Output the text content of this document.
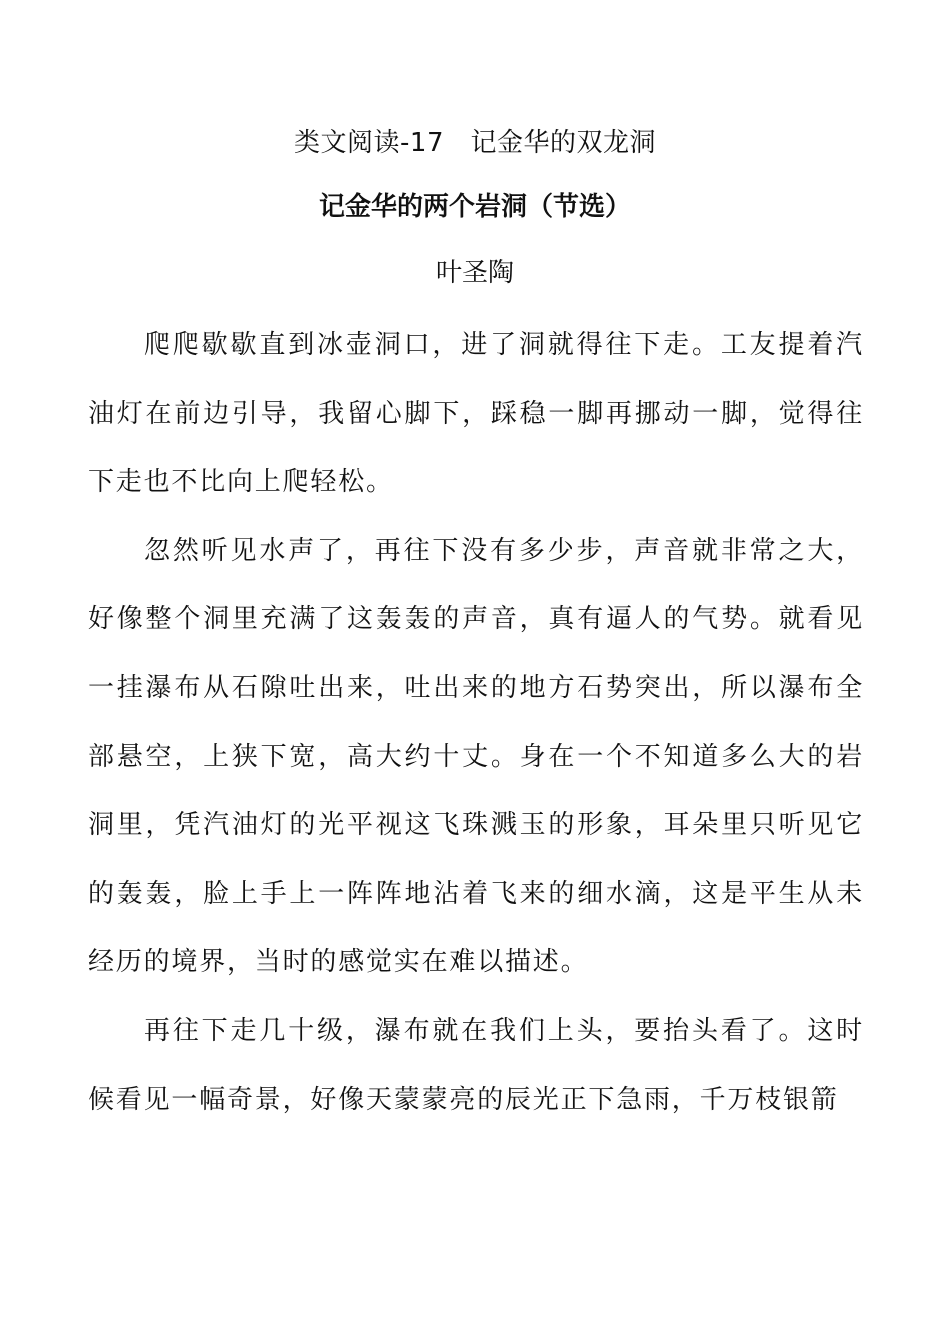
类文阅读-17　记金华的双龙洞
记金华的两个岩洞（节选）
叶圣陶

爬爬歇歇直到冰壶洞口，进了洞就得往下走。工友提着汽油灯在前边引导，我留心脚下，踩稳一脚再挪动一脚，觉得往下走也不比向上爬轻松。

忽然听见水声了，再往下没有多少步，声音就非常之大，好像整个洞里充满了这轰轰的声音，真有逼人的气势。就看见一挂瀑布从石隙吐出来，吐出来的地方石势突出，所以瀑布全部悬空，上狭下宽，高大约十丈。身在一个不知道多么大的岩洞里，凭汽油灯的光平视这飞珠溅玉的形象，耳朵里只听见它的轰轰，脸上手上一阵阵地沾着飞来的细水滴，这是平生从未经历的境界，当时的感觉实在难以描述。

再往下走几十级，瀑布就在我们上头，要抬头看了。这时候看见一幅奇景，好像天蒙蒙亮的辰光正下急雨，千万枝银箭
